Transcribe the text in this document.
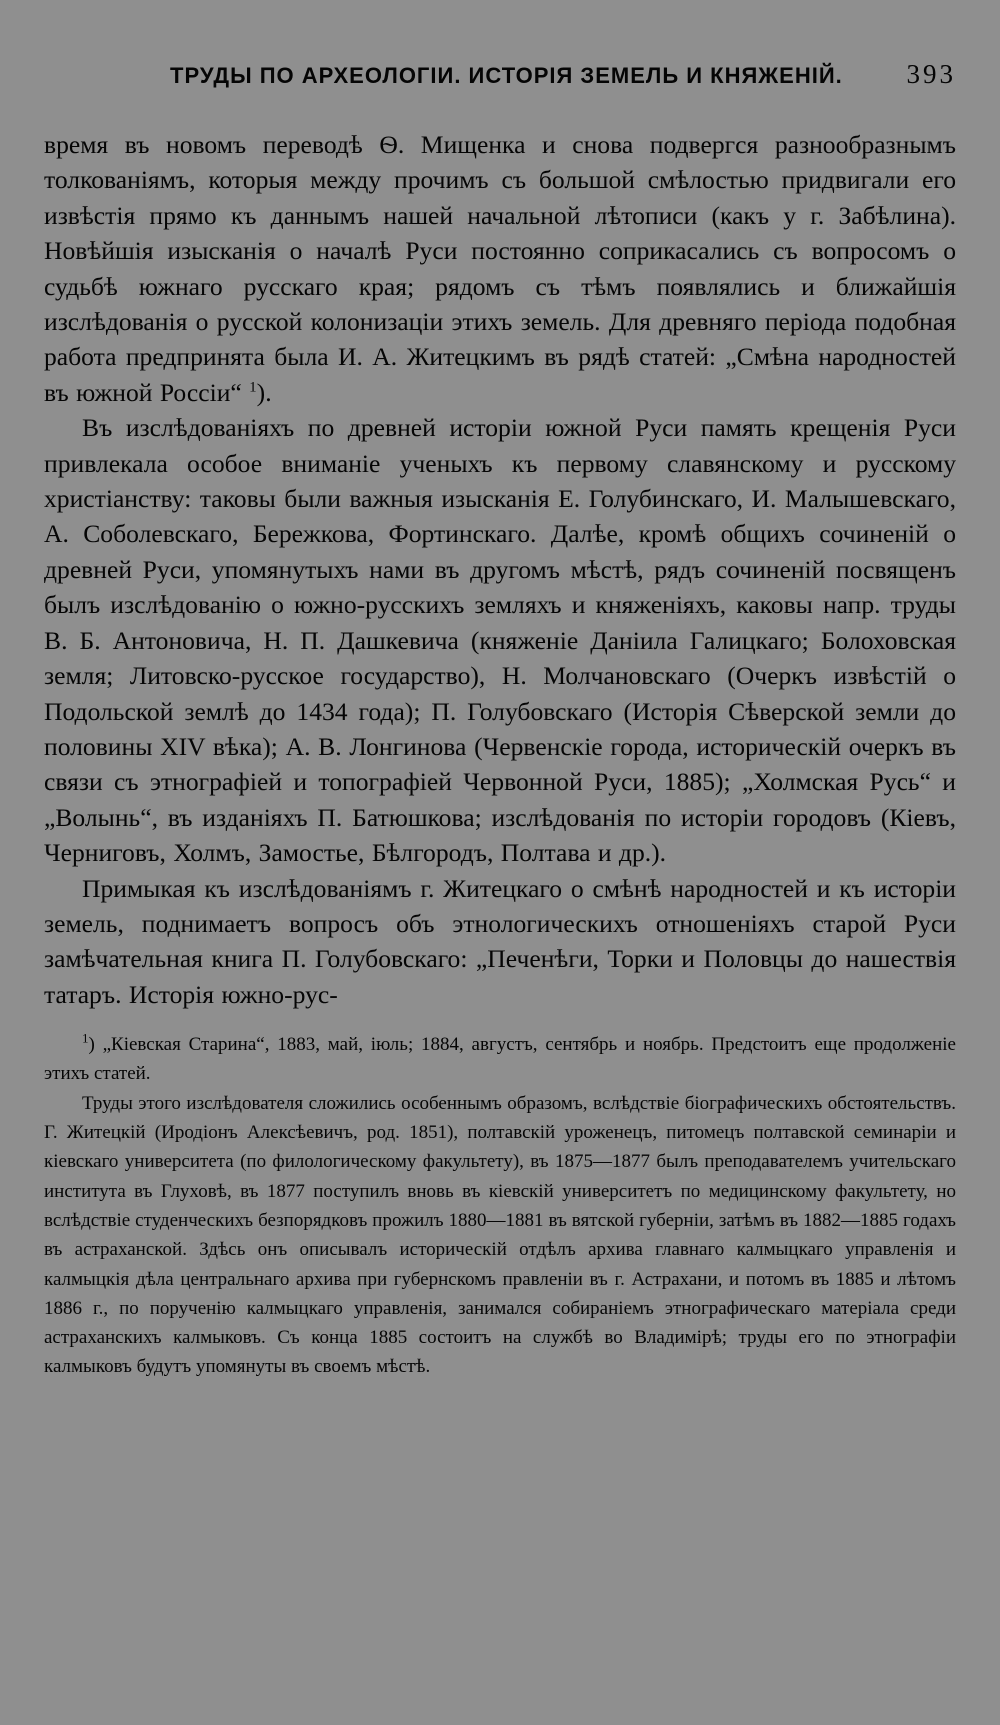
ТРУДЫ ПО АРХЕОЛОГІИ. ИСТОРІЯ ЗЕМЕЛЬ И КНЯЖЕНІЙ. 393

время въ новомъ переводѣ Ѳ. Мищенка и снова подвергся разнообразнымъ толкованіямъ, которыя между прочимъ съ большой смѣлостью придвигали его извѣстія прямо къ даннымъ нашей начальной лѣтописи (какъ у г. Забѣлина). Новѣйшія изысканія о началѣ Руси постоянно соприкасались съ вопросомъ о судьбѣ южнаго русскаго края; рядомъ съ тѣмъ появлялись и ближайшія изслѣдованія о русской колонизаціи этихъ земель. Для древняго періода подобная работа предпринята была И. А. Житецкимъ въ рядѣ статей: „Смѣна народностей въ южной Россіи“ $^1$).

Въ изслѣдованіяхъ по древней исторіи южной Руси память крещенія Руси привлекала особое вниманіе ученыхъ къ первому славянскому и русскому христіанству: таковы были важныя изысканія Е. Голубинскаго, И. Малышевскаго, А. Соболевскаго, Бережкова, Фортинскаго. Далѣе, кромѣ общихъ сочиненій о древней Руси, упомянутыхъ нами въ другомъ мѣстѣ, рядъ сочиненій посвященъ былъ изслѣдованію о южно-русскихъ земляхъ и княженіяхъ, каковы напр. труды В. Б. Антоновича, Н. П. Дашкевича (княженіе Даніила Галицкаго; Болоховская земля; Литовско-русское государство), Н. Молчановскаго (Очеркъ извѣстій о Подольской землѣ до 1434 года); П. Голубовскаго (Исторія Сѣверской земли до половины XIV вѣка); А. В. Лонгинова (Червенскіе города, историческій очеркъ въ связи съ этнографіей и топографіей Червонной Руси, 1885); „Холмская Русь“ и „Волынь“, въ изданіяхъ П. Батюшкова; изслѣдованія по исторіи городовъ (Кіевъ, Черниговъ, Холмъ, Замостье, Бѣлгородъ, Полтава и др.).

Примыкая къ изслѣдованіямъ г. Житецкаго о смѣнѣ народностей и къ исторіи земель, поднимаетъ вопросъ объ этнологическихъ отношеніяхъ старой Руси замѣчательная книга П. Голубовскаго: „Печенѣги, Торки и Половцы до нашествія татаръ. Исторія южно-рус-

$^1$) „Кіевская Старина“, 1883, май, іюль; 1884, августъ, сентябрь и ноябрь. Предстоитъ еще продолженіе этихъ статей.

Труды этого изслѣдователя сложились особеннымъ образомъ, вслѣдствіе біографическихъ обстоятельствъ. Г. Житецкій (Иродіонъ Алексѣевичъ, род. 1851), полтавскій уроженецъ, питомецъ полтавской семинаріи и кіевскаго университета (по филологическому факультету), въ 1875—1877 былъ преподавателемъ учительскаго института въ Глуховѣ, въ 1877 поступилъ вновь въ кіевскій университетъ по медицинскому факультету, но вслѣдствіе студенческихъ безпорядковъ прожилъ 1880—1881 въ вятской губерніи, затѣмъ въ 1882—1885 годахъ въ астраханской. Здѣсь онъ описывалъ историческій отдѣлъ архива главнаго калмыцкаго управленія и калмыцкія дѣла центральнаго архива при губернскомъ правленіи въ г. Астрахани, и потомъ въ 1885 и лѣтомъ 1886 г., по порученію калмыцкаго управленія, занимался собираніемъ этнографическаго матеріала среди астраханскихъ калмыковъ. Съ конца 1885 состоитъ на службѣ во Владимірѣ; труды его по этнографіи калмыковъ будутъ упомянуты въ своемъ мѣстѣ.
